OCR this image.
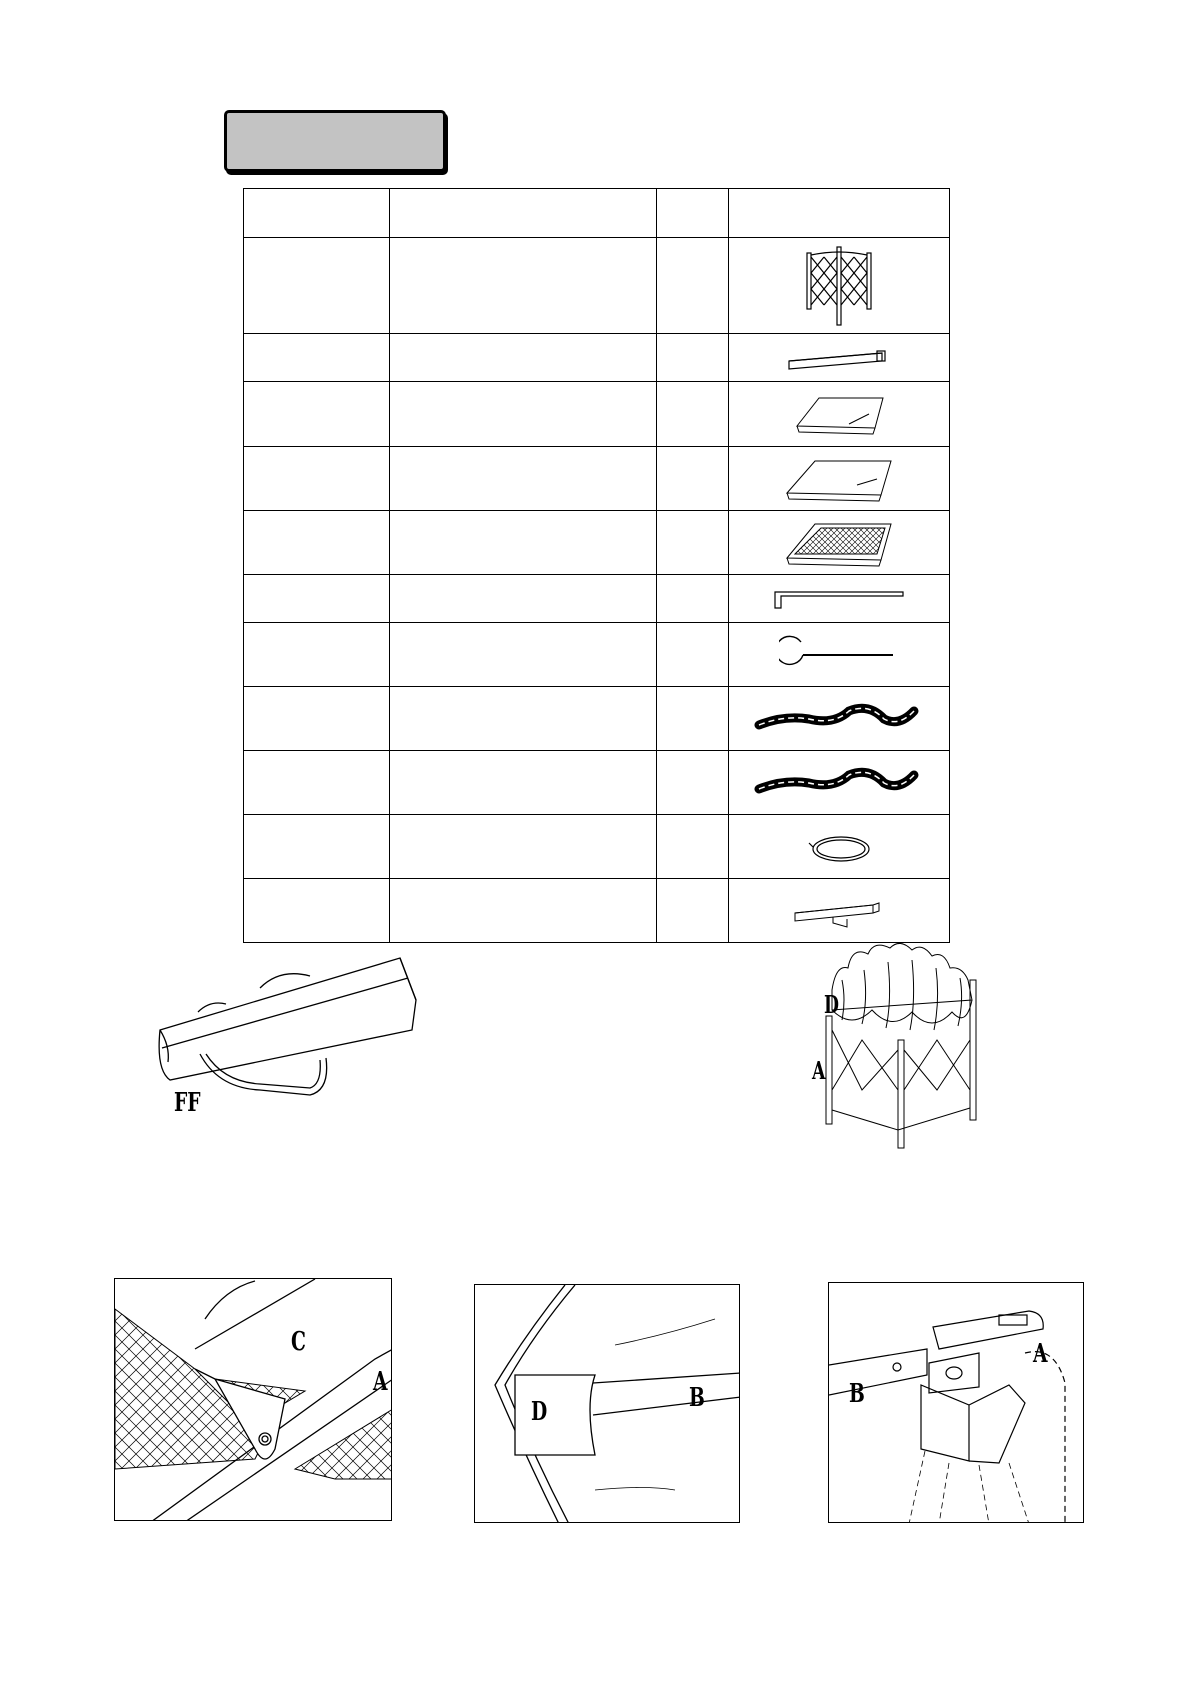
FF
D
A
C
A
D	B	B
A
